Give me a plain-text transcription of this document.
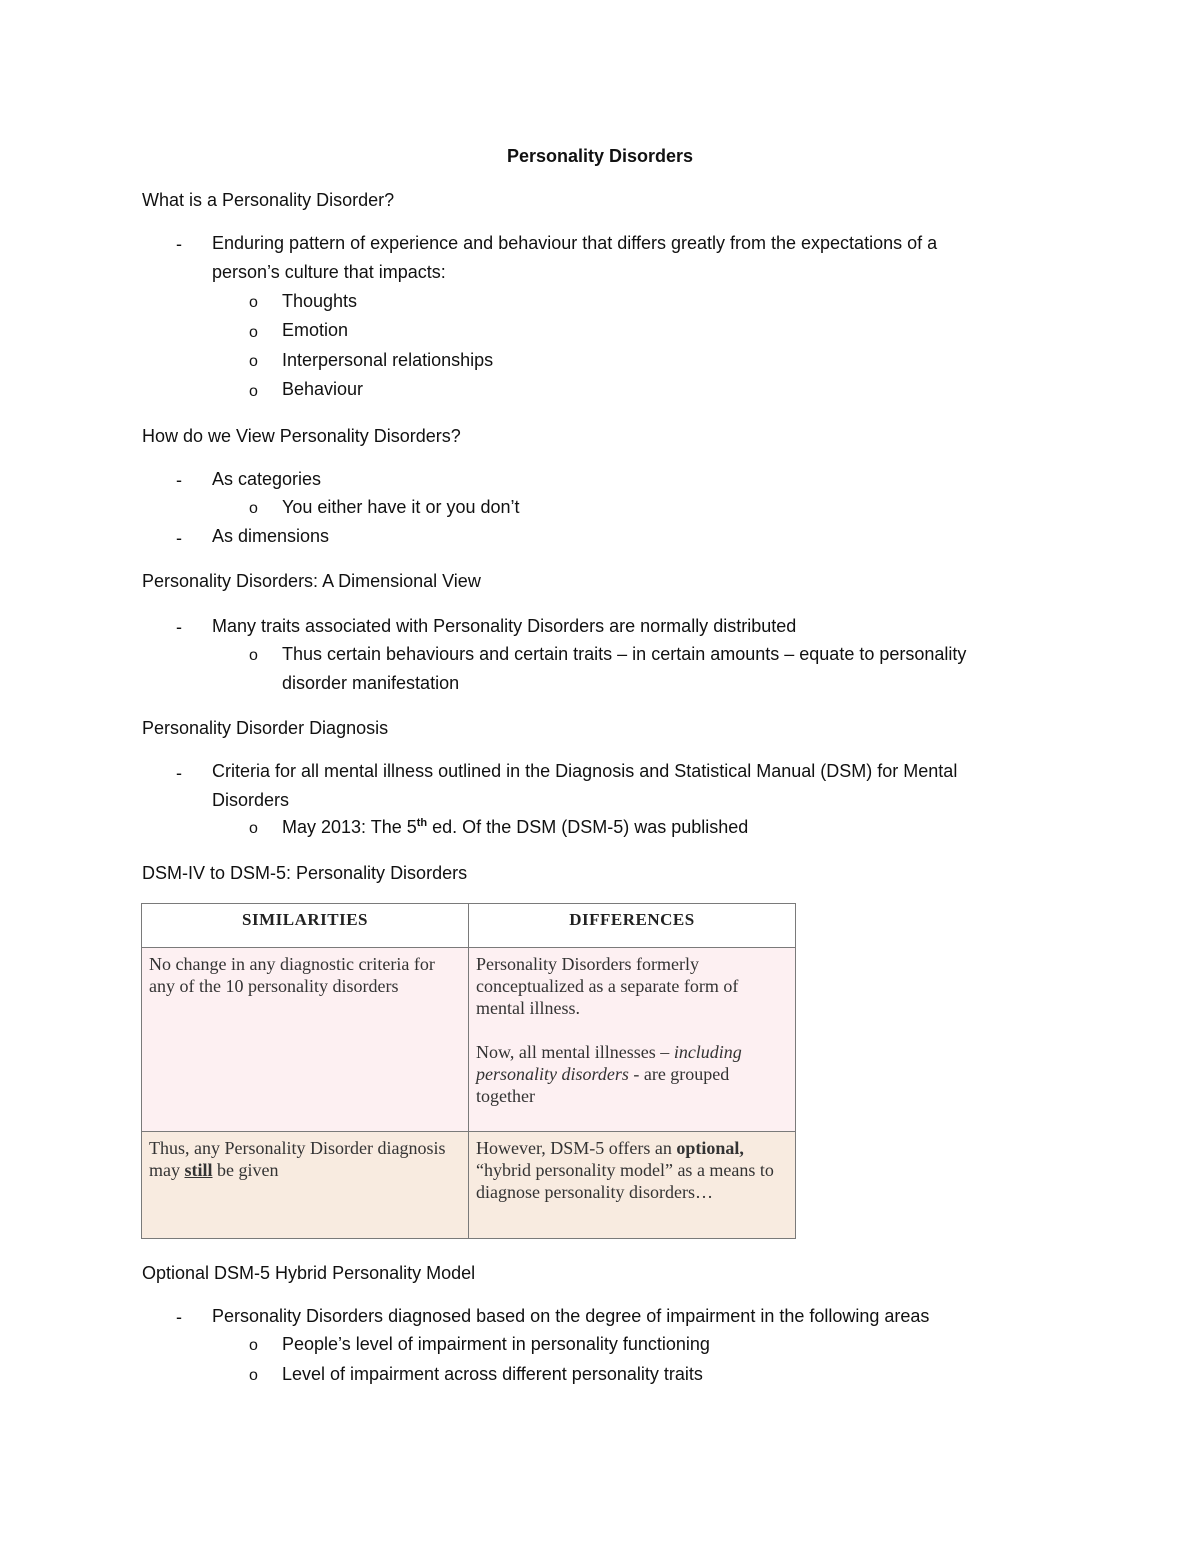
Personality Disorders
What is a Personality Disorder?
- Enduring pattern of experience and behaviour that differs greatly from the expectations of a
person’s culture that impacts:
o Thoughts
o Emotion
o Interpersonal relationships
o Behaviour
How do we View Personality Disorders?
- As categories
o You either have it or you don’t
- As dimensions
Personality Disorders: A Dimensional View
- Many traits associated with Personality Disorders are normally distributed
o Thus certain behaviours and certain traits – in certain amounts – equate to personality
disorder manifestation
Personality Disorder Diagnosis
- Criteria for all mental illness outlined in the Diagnosis and Statistical Manual (DSM) for Mental
Disorders
o May 2013: The 5th ed. Of the DSM (DSM-5) was published
DSM-IV to DSM-5: Personality Disorders
SIMILARITIES	DIFFERENCES
No change in any diagnostic criteria for any of the 10 personality disorders	Personality Disorders formerly conceptualized as a separate form of mental illness.
Now, all mental illnesses – including personality disorders - are grouped together

Thus, any Personality Disorder diagnosis may still be given	However, DSM-5 offers an optional, “hybrid personality model” as a means to diagnose personality disorders…
Optional DSM-5 Hybrid Personality Model
- Personality Disorders diagnosed based on the degree of impairment in the following areas
o People’s level of impairment in personality functioning
o Level of impairment across different personality traits
